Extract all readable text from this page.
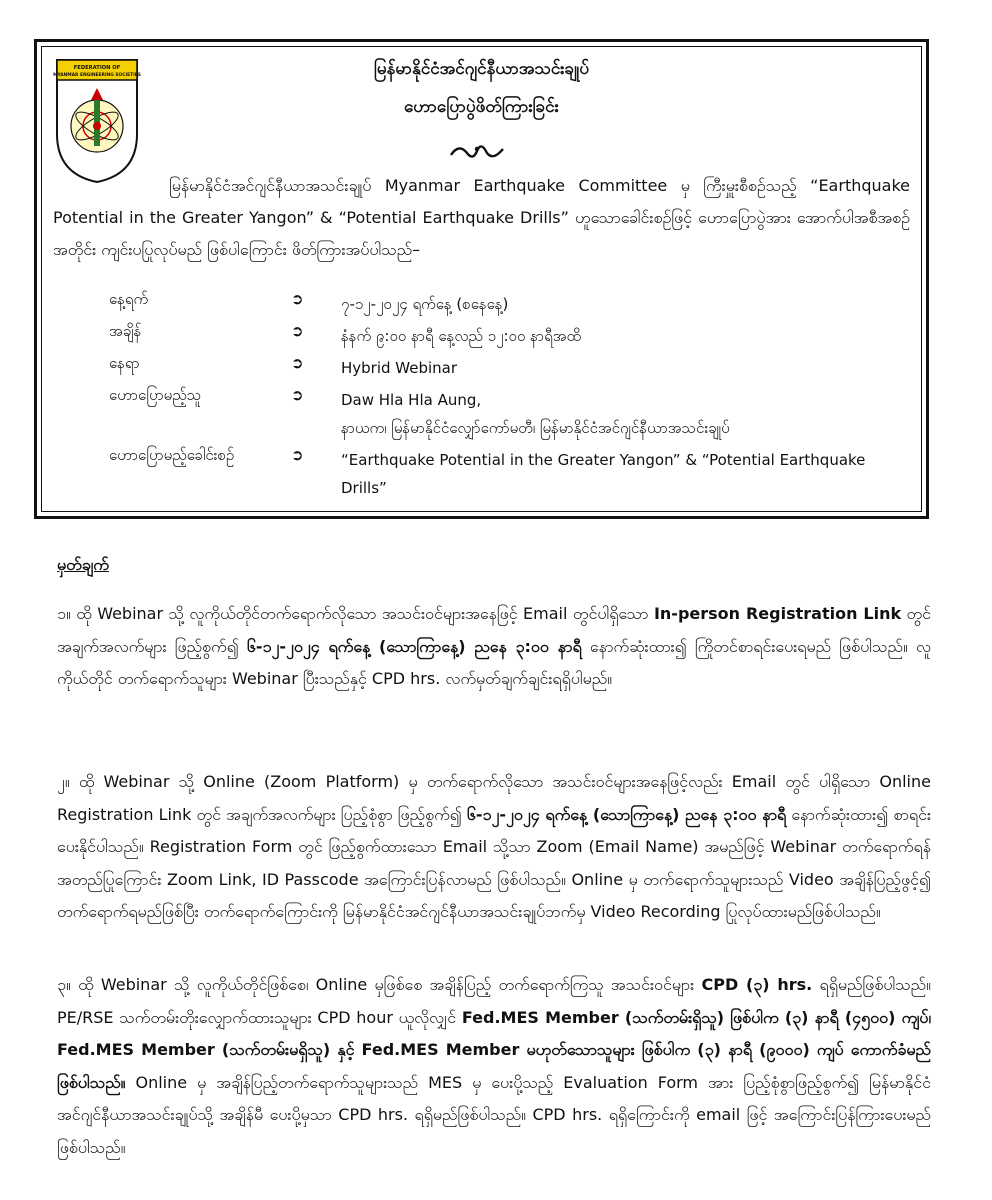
FEDERATION OF
MYANMAR ENGINEERING SOCIETIES	မြန်မာနိုင်ငံအင်ဂျင်နီယာအသင်းချုပ်
ဟောပြောပွဲဖိတ်ကြားခြင်း
မြန်မာနိုင်ငံအင်ဂျင်နီယာအသင်းချုပ် Myanmar Earthquake Committee မှ ကြီးမှူးစီစဉ်သည့် “Earthquake Potential in the Greater Yangon” & “Potential Earthquake Drills” ဟူသောခေါင်းစဉ်ဖြင့် ဟောပြောပွဲအား အောက်ပါအစီအစဉ်အတိုင်း ကျင်းပပြုလုပ်မည် ဖြစ်ပါကြောင်း ဖိတ်ကြားအပ်ပါသည်–
နေ့ရက်	➲	၇-၁၂-၂၀၂၄ ရက်နေ့ (စနေနေ့)
အချိန်	➲	နံနက် ၉:၀၀ နာရီ နေ့လည် ၁၂:၀၀ နာရီအထိ
နေရာ	➲	Hybrid Webinar
ဟောပြောမည့်သူ	➲	Daw Hla Hla Aung,
နာယက၊ မြန်မာနိုင်ငံလျှော်ကော်မတီ၊ မြန်မာနိုင်ငံအင်ဂျင်နီယာအသင်းချုပ်
ဟောပြောမည့်ခေါင်းစဉ်	➲	“Earthquake Potential in the Greater Yangon” & “Potential Earthquake Drills”
မှတ်ချက်
၁။ ထို Webinar သို့ လူကိုယ်တိုင်တက်ရောက်လိုသော အသင်းဝင်များအနေဖြင့် Email တွင်ပါရှိသော In-person Registration Link တွင် အချက်အလက်များ ဖြည့်စွက်၍ ၆-၁၂-၂၀၂၄ ရက်နေ့ (သောကြာနေ့) ညနေ ၃:၀၀ နာရီ နောက်ဆုံးထား၍ ကြိုတင်စာရင်းပေးရမည် ဖြစ်ပါသည်။ လူကိုယ်တိုင် တက်ရောက်သူများ Webinar ပြီးသည်နှင့် CPD hrs. လက်မှတ်ချက်ချင်းရရှိပါမည်။
၂။ ထို Webinar သို့ Online (Zoom Platform) မှ တက်ရောက်လိုသော အသင်းဝင်များအနေဖြင့်လည်း Email တွင် ပါရှိသော Online Registration Link တွင် အချက်အလက်များ ပြည့်စုံစွာ ဖြည့်စွက်၍ ၆-၁၂-၂၀၂၄ ရက်နေ့ (သောကြာနေ့) ညနေ ၃:၀၀ နာရီ နောက်ဆုံးထား၍ စာရင်းပေးနိုင်ပါသည်။ Registration Form တွင် ဖြည့်စွက်ထားသော Email သို့သာ Zoom (Email Name) အမည်ဖြင့် Webinar တက်ရောက်ရန် အတည်ပြုကြောင်း Zoom Link, ID Passcode အကြောင်းပြန်လာမည် ဖြစ်ပါသည်။ Online မှ တက်ရောက်သူများသည် Video အချိန်ပြည့်ဖွင့်၍ တက်ရောက်ရမည်ဖြစ်ပြီး တက်ရောက်ကြောင်းကို မြန်မာနိုင်ငံအင်ဂျင်နီယာအသင်းချုပ်ဘက်မှ Video Recording ပြုလုပ်ထားမည်ဖြစ်ပါသည်။
၃။ ထို Webinar သို့ လူကိုယ်တိုင်ဖြစ်စေ၊ Online မှဖြစ်စေ အချိန်ပြည့် တက်ရောက်ကြသူ အသင်းဝင်များ CPD (၃) hrs. ရရှိမည်ဖြစ်ပါသည်။ PE/RSE သက်တမ်းတိုးလျှောက်ထားသူများ CPD hour ယူလိုလျှင် Fed.MES Member (သက်တမ်းရှိသူ) ဖြစ်ပါက (၃) နာရီ (၄၅၀၀) ကျပ်၊ Fed.MES Member (သက်တမ်းမရှိသူ) နှင့် Fed.MES Member မဟုတ်သောသူများ ဖြစ်ပါက (၃) နာရီ (၉၀၀၀) ကျပ် ကောက်ခံမည်ဖြစ်ပါသည်။ Online မှ အချိန်ပြည့်တက်ရောက်သူများသည် MES မှ ပေးပို့သည့် Evaluation Form အား ပြည့်စုံစွာဖြည့်စွက်၍ မြန်မာနိုင်ငံအင်ဂျင်နီယာအသင်းချုပ်သို့ အချိန်မီ ပေးပို့မှသာ CPD hrs. ရရှိမည်ဖြစ်ပါသည်။ CPD hrs. ရရှိကြောင်းကို email ဖြင့် အကြောင်းပြန်ကြားပေးမည် ဖြစ်ပါသည်။
